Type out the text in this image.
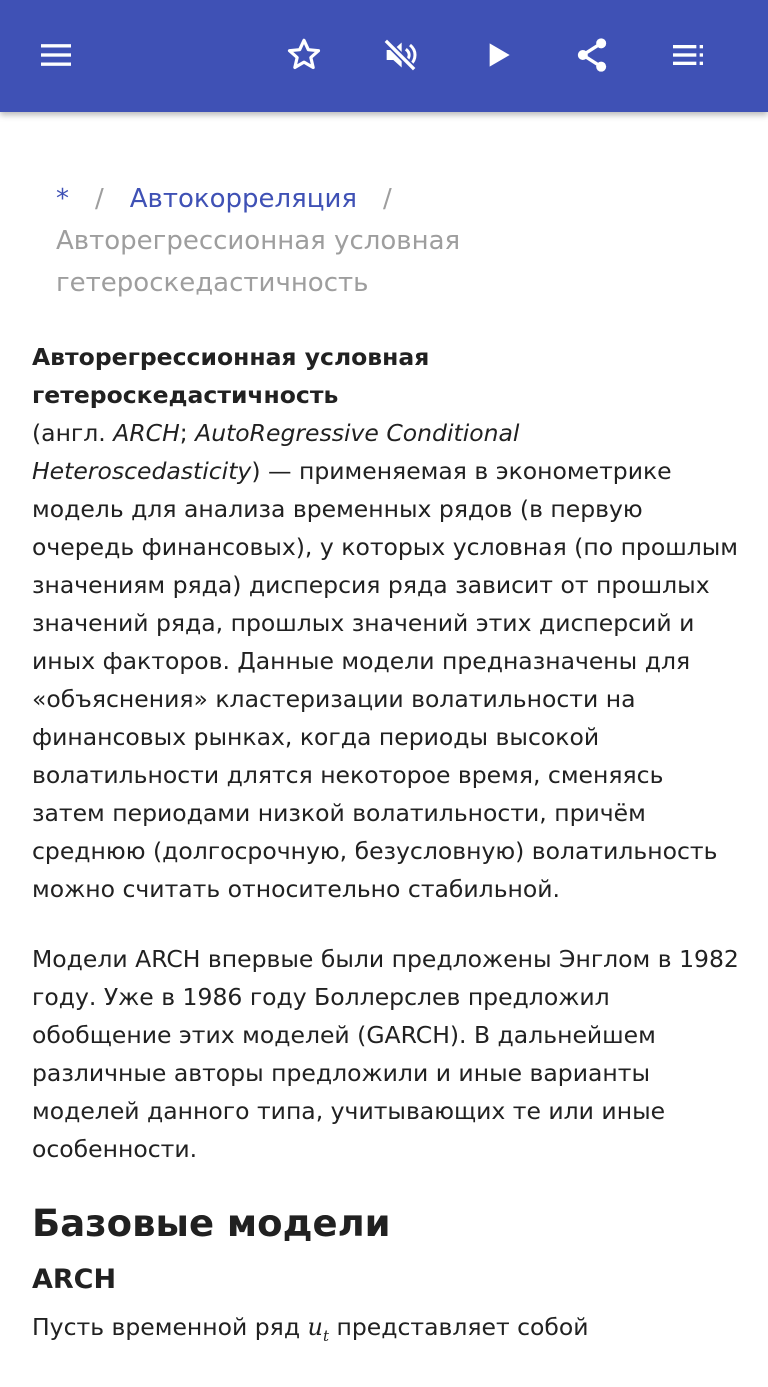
* / Автокорреляция /
Авторегрессионная условная гетероскедастичность

Авторегрессионная условная гетероскедастичность
(англ. ARCH; AutoRegressive Conditional Heteroscedasticity) — применяемая в эконометрике модель для анализа временных рядов (в первую очередь финансовых), у которых условная (по прошлым значениям ряда) дисперсия ряда зависит от прошлых значений ряда, прошлых значений этих дисперсий и иных факторов. Данные модели предназначены для «объяснения» кластеризации волатильности на финансовых рынках, когда периоды высокой волатильности длятся некоторое время, сменяясь затем периодами низкой волатильности, причём среднюю (долгосрочную, безусловную) волатильность можно считать относительно стабильной.

Модели ARCH впервые были предложены Энглом в 1982 году. Уже в 1986 году Боллерслев предложил обобщение этих моделей (GARCH). В дальнейшем различные авторы предложили и иные варианты моделей данного типа, учитывающих те или иные особенности.

Базовые модели
ARCH

Пусть временной ряд $u_t$ представляет собой
